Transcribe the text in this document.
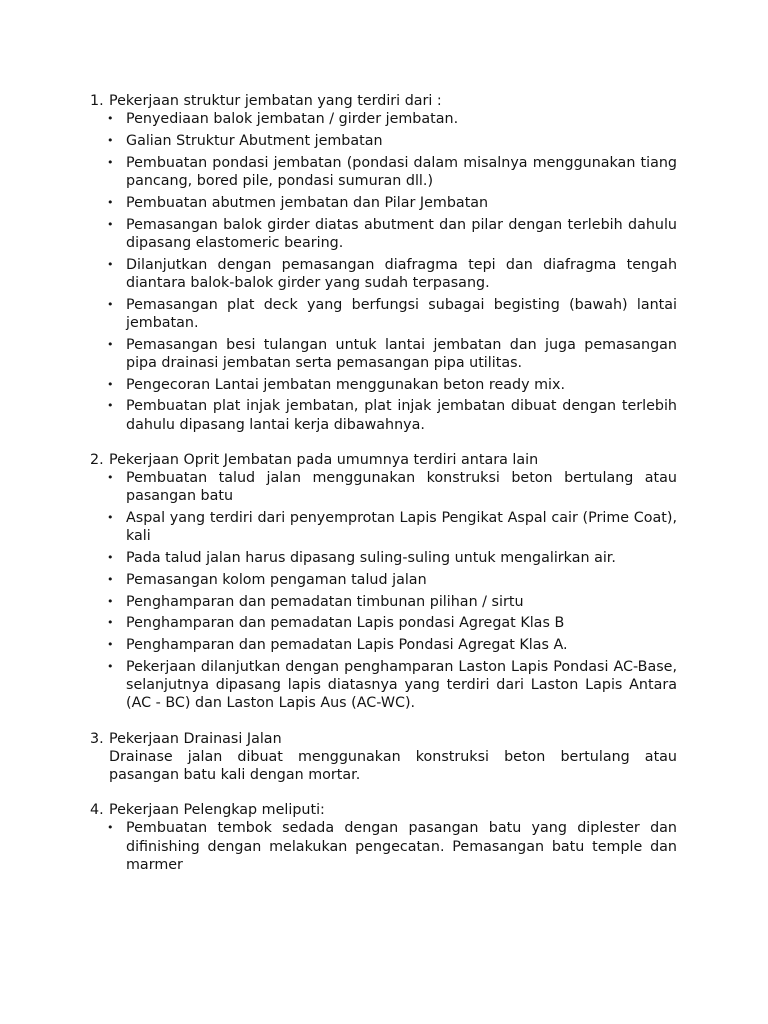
1. Pekerjaan struktur jembatan yang terdiri dari :
• Penyediaan balok jembatan / girder jembatan.
• Galian Struktur Abutment jembatan
• Pembuatan pondasi jembatan (pondasi dalam misalnya menggunakan tiang pancang, bored pile, pondasi sumuran dll.)
• Pembuatan abutmen jembatan dan Pilar Jembatan
• Pemasangan balok girder diatas abutment dan pilar dengan terlebih dahulu dipasang elastomeric bearing.
• Dilanjutkan dengan pemasangan diafragma tepi dan diafragma tengah diantara balok-balok girder yang sudah terpasang.
• Pemasangan plat deck yang berfungsi subagai begisting (bawah) lantai jembatan.
• Pemasangan besi tulangan untuk lantai jembatan dan juga pemasangan pipa drainasi jembatan serta pemasangan pipa utilitas.
• Pengecoran Lantai jembatan menggunakan beton ready mix.
• Pembuatan plat injak jembatan, plat injak jembatan dibuat dengan terlebih dahulu dipasang lantai kerja dibawahnya.
2. Pekerjaan Oprit Jembatan pada umumnya terdiri antara lain
• Pembuatan talud jalan menggunakan konstruksi beton bertulang atau pasangan batu
• Aspal yang terdiri dari penyemprotan Lapis Pengikat Aspal cair (Prime Coat), kali
• Pada talud jalan harus dipasang suling-suling untuk mengalirkan air.
• Pemasangan kolom pengaman talud jalan
• Penghamparan dan pemadatan timbunan pilihan / sirtu
• Penghamparan dan pemadatan Lapis pondasi Agregat Klas B
• Penghamparan dan pemadatan Lapis Pondasi Agregat Klas A.
• Pekerjaan dilanjutkan dengan penghamparan Laston Lapis Pondasi AC-Base, selanjutnya dipasang lapis diatasnya yang terdiri dari Laston Lapis Antara (AC - BC) dan Laston Lapis Aus (AC-WC).
3. Pekerjaan Drainasi Jalan

Drainase jalan dibuat menggunakan konstruksi beton bertulang atau pasangan batu kali dengan mortar.

4. Pekerjaan Pelengkap meliputi:
• Pembuatan tembok sedada dengan pasangan batu yang diplester dan difinishing dengan melakukan pengecatan. Pemasangan batu temple dan marmer
